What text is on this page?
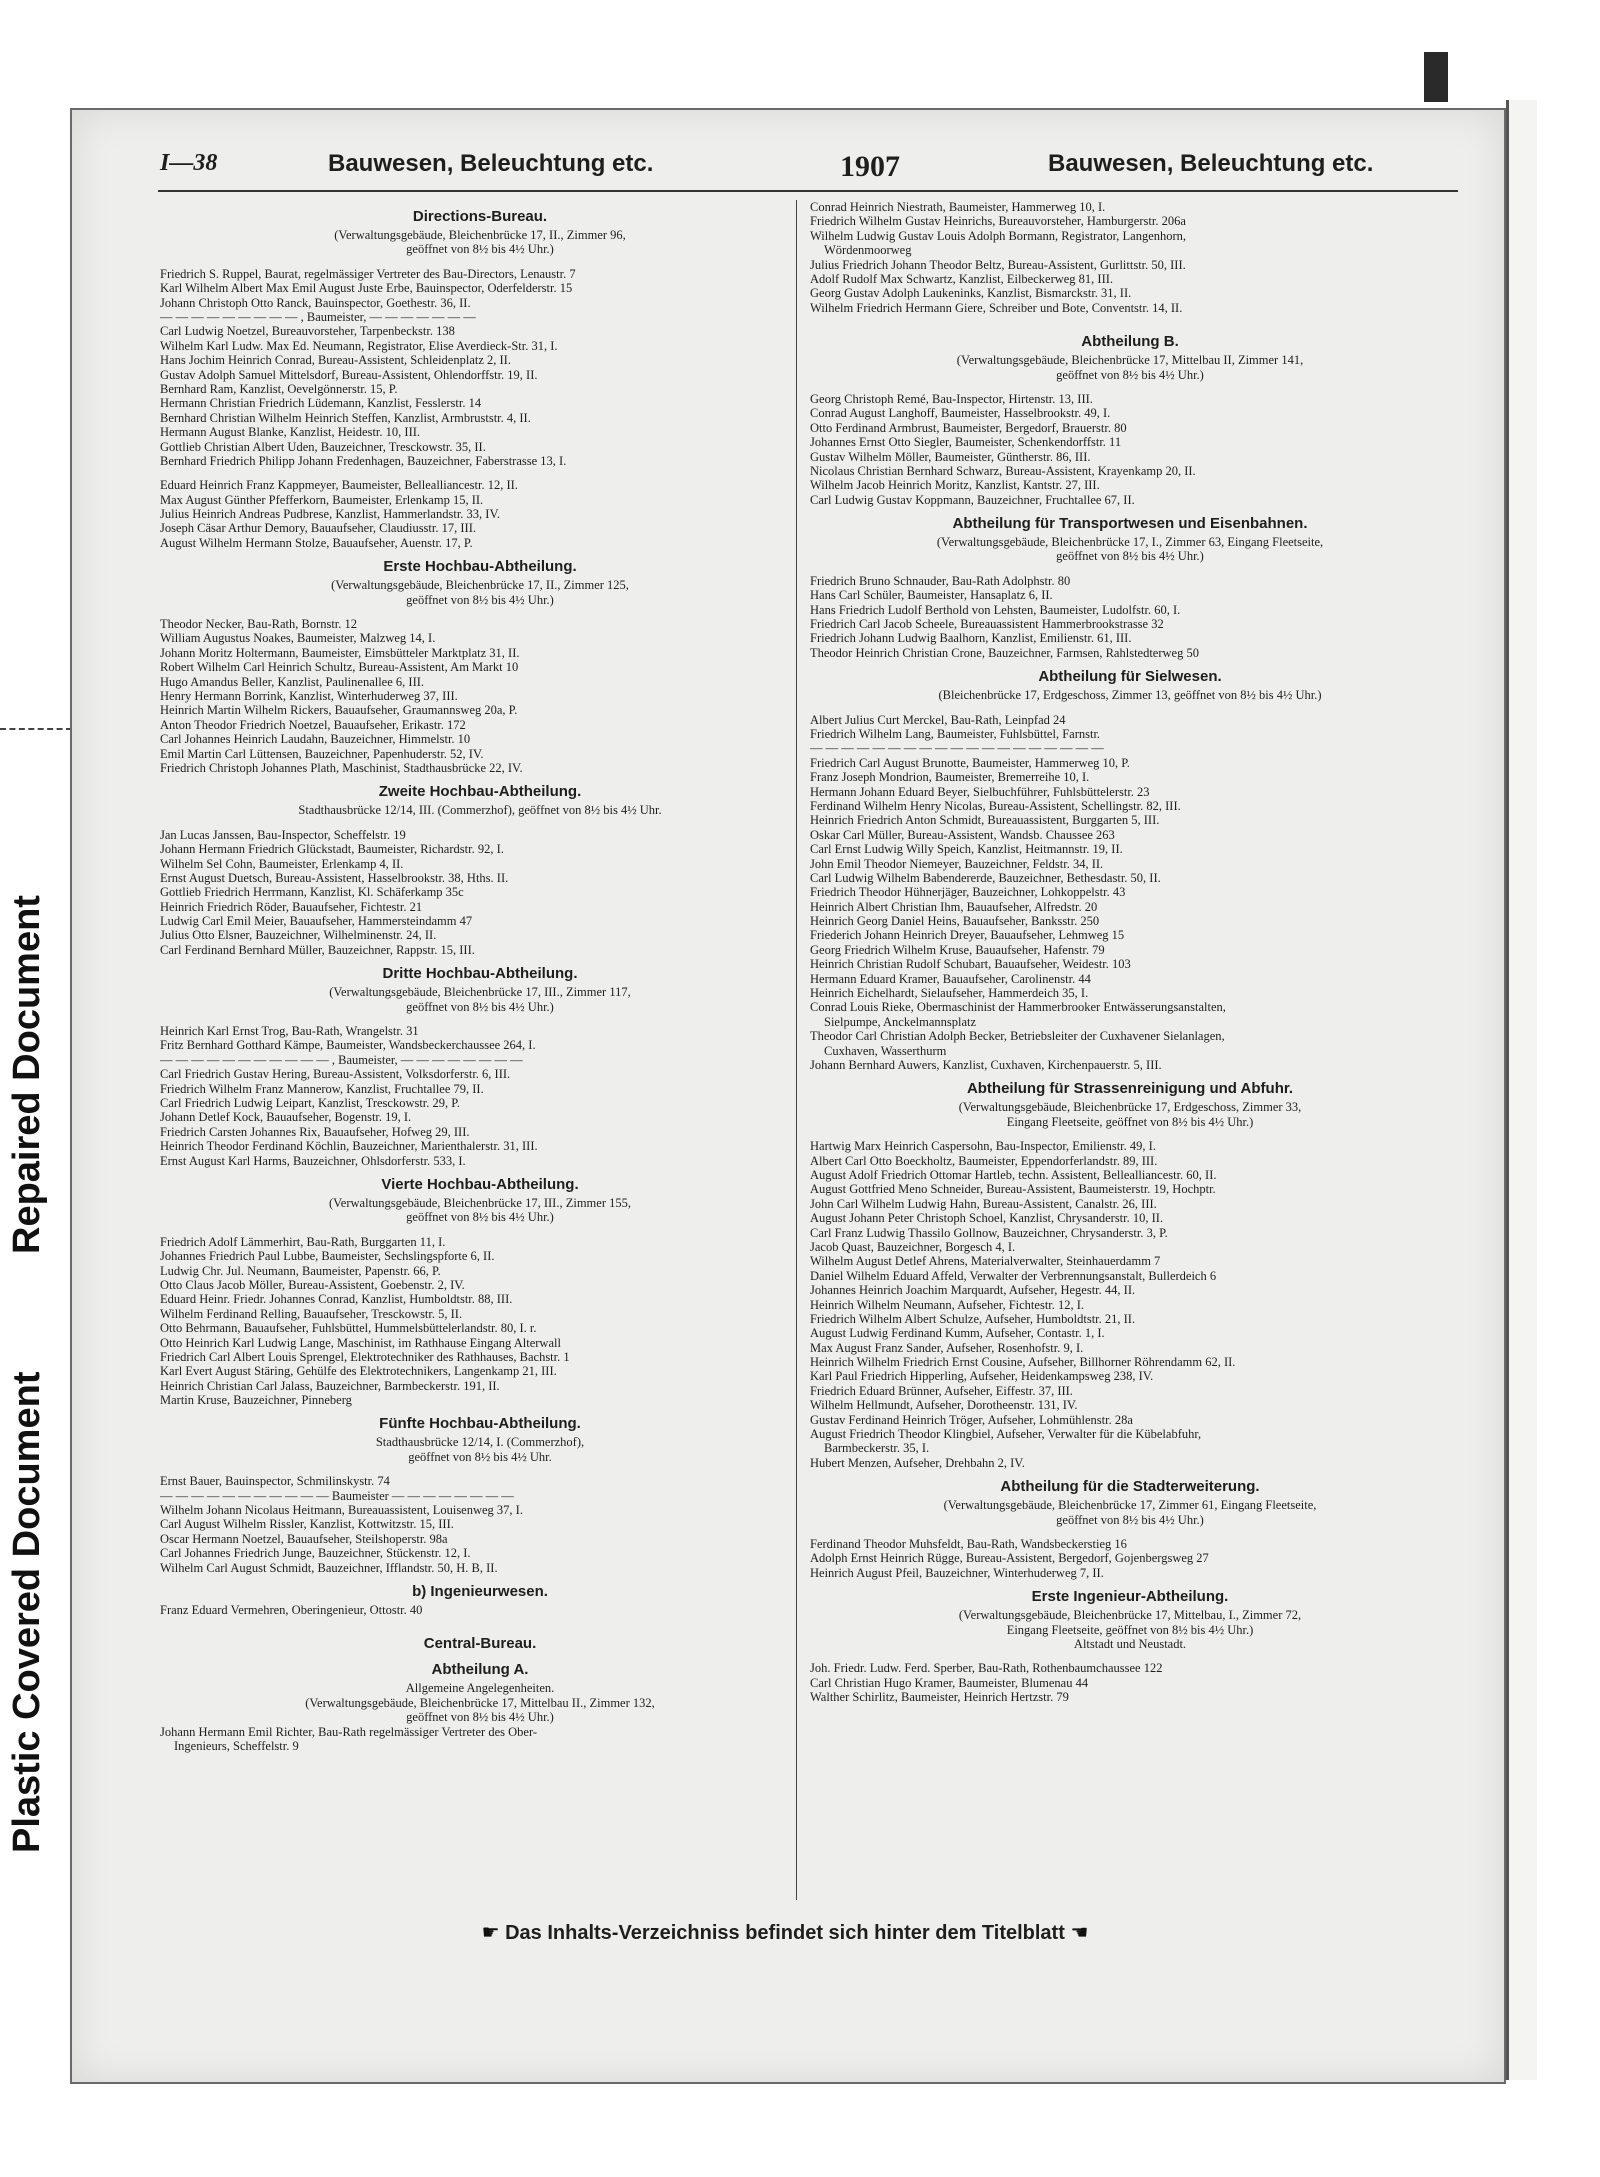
Repaired Document
Plastic Covered Document
I—38	Bauwesen, Beleuchtung etc.	1907	Bauwesen, Beleuchtung etc.
Directions-Bureau.
(Verwaltungsgebäude, Bleichenbrücke 17, II., Zimmer 96,
geöffnet von 8½ bis 4½ Uhr.)
Friedrich S. Ruppel, Baurat, regelmässiger Vertreter des Bau-Directors, Lenaustr. 7
Karl Wilhelm Albert Max Emil August Juste Erbe, Bauinspector, Oderfelderstr. 15
Johann Christoph Otto Ranck, Bauinspector, Goethestr. 36, II.
— — — — — — — — — , Baumeister, — — — — — — —
Carl Ludwig Noetzel, Bureauvorsteher, Tarpenbeckstr. 138
Wilhelm Karl Ludw. Max Ed. Neumann, Registrator, Elise Averdieck-Str. 31, I.
Hans Jochim Heinrich Conrad, Bureau-Assistent, Schleidenplatz 2, II.
Gustav Adolph Samuel Mittelsdorf, Bureau-Assistent, Ohlendorffstr. 19, II.
Bernhard Ram, Kanzlist, Oevelgönnerstr. 15, P.
Hermann Christian Friedrich Lüdemann, Kanzlist, Fesslerstr. 14
Bernhard Christian Wilhelm Heinrich Steffen, Kanzlist, Armbruststr. 4, II.
Hermann August Blanke, Kanzlist, Heidestr. 10, III.
Gottlieb Christian Albert Uden, Bauzeichner, Tresckowstr. 35, II.
Bernhard Friedrich Philipp Johann Fredenhagen, Bauzeichner, Faberstrasse 13, I.
Eduard Heinrich Franz Kappmeyer, Baumeister, Bellealliancestr. 12, II.
Max August Günther Pfefferkorn, Baumeister, Erlenkamp 15, II.
Julius Heinrich Andreas Pudbrese, Kanzlist, Hammerlandstr. 33, IV.
Joseph Cäsar Arthur Demory, Bauaufseher, Claudiusstr. 17, III.
August Wilhelm Hermann Stolze, Bauaufseher, Auenstr. 17, P.
Erste Hochbau-Abtheilung.
(Verwaltungsgebäude, Bleichenbrücke 17, II., Zimmer 125,
geöffnet von 8½ bis 4½ Uhr.)
Theodor Necker, Bau-Rath, Bornstr. 12
William Augustus Noakes, Baumeister, Malzweg 14, I.
Johann Moritz Holtermann, Baumeister, Eimsbütteler Marktplatz 31, II.
Robert Wilhelm Carl Heinrich Schultz, Bureau-Assistent, Am Markt 10
Hugo Amandus Beller, Kanzlist, Paulinenallee 6, III.
Henry Hermann Borrink, Kanzlist, Winterhuderweg 37, III.
Heinrich Martin Wilhelm Rickers, Bauaufseher, Graumannsweg 20a, P.
Anton Theodor Friedrich Noetzel, Bauaufseher, Erikastr. 172
Carl Johannes Heinrich Laudahn, Bauzeichner, Himmelstr. 10
Emil Martin Carl Lüttensen, Bauzeichner, Papenhuderstr. 52, IV.
Friedrich Christoph Johannes Plath, Maschinist, Stadthausbrücke 22, IV.
Zweite Hochbau-Abtheilung.
Stadthausbrücke 12/14, III. (Commerzhof), geöffnet von 8½ bis 4½ Uhr.
Jan Lucas Janssen, Bau-Inspector, Scheffelstr. 19
Johann Hermann Friedrich Glückstadt, Baumeister, Richardstr. 92, I.
Wilhelm Sel Cohn, Baumeister, Erlenkamp 4, II.
Ernst August Duetsch, Bureau-Assistent, Hasselbrookstr. 38, Hths. II.
Gottlieb Friedrich Herrmann, Kanzlist, Kl. Schäferkamp 35c
Heinrich Friedrich Röder, Bauaufseher, Fichtestr. 21
Ludwig Carl Emil Meier, Bauaufseher, Hammersteindamm 47
Julius Otto Elsner, Bauzeichner, Wilhelminenstr. 24, II.
Carl Ferdinand Bernhard Müller, Bauzeichner, Rappstr. 15, III.
Dritte Hochbau-Abtheilung.
(Verwaltungsgebäude, Bleichenbrücke 17, III., Zimmer 117,
geöffnet von 8½ bis 4½ Uhr.)
Heinrich Karl Ernst Trog, Bau-Rath, Wrangelstr. 31
Fritz Bernhard Gotthard Kämpe, Baumeister, Wandsbeckerchaussee 264, I.
— — — — — — — — — — — , Baumeister, — — — — — — — —
Carl Friedrich Gustav Hering, Bureau-Assistent, Volksdorferstr. 6, III.
Friedrich Wilhelm Franz Mannerow, Kanzlist, Fruchtallee 79, II.
Carl Friedrich Ludwig Leipart, Kanzlist, Tresckowstr. 29, P.
Johann Detlef Kock, Bauaufseher, Bogenstr. 19, I.
Friedrich Carsten Johannes Rix, Bauaufseher, Hofweg 29, III.
Heinrich Theodor Ferdinand Köchlin, Bauzeichner, Marienthalerstr. 31, III.
Ernst August Karl Harms, Bauzeichner, Ohlsdorferstr. 533, I.
Vierte Hochbau-Abtheilung.
(Verwaltungsgebäude, Bleichenbrücke 17, III., Zimmer 155,
geöffnet von 8½ bis 4½ Uhr.)
Friedrich Adolf Lämmerhirt, Bau-Rath, Burggarten 11, I.
Johannes Friedrich Paul Lubbe, Baumeister, Sechslingspforte 6, II.
Ludwig Chr. Jul. Neumann, Baumeister, Papenstr. 66, P.
Otto Claus Jacob Möller, Bureau-Assistent, Goebenstr. 2, IV.
Eduard Heinr. Friedr. Johannes Conrad, Kanzlist, Humboldtstr. 88, III.
Wilhelm Ferdinand Relling, Bauaufseher, Tresckowstr. 5, II.
Otto Behrmann, Bauaufseher, Fuhlsbüttel, Hummelsbüttelerlandstr. 80, I. r.
Otto Heinrich Karl Ludwig Lange, Maschinist, im Rathhause Eingang Alterwall
Friedrich Carl Albert Louis Sprengel, Elektrotechniker des Rathhauses, Bachstr. 1
Karl Evert August Stäring, Gehülfe des Elektrotechnikers, Langenkamp 21, III.
Heinrich Christian Carl Jalass, Bauzeichner, Barmbeckerstr. 191, II.
Martin Kruse, Bauzeichner, Pinneberg
Fünfte Hochbau-Abtheilung.
Stadthausbrücke 12/14, I. (Commerzhof),
geöffnet von 8½ bis 4½ Uhr.
Ernst Bauer, Bauinspector, Schmilinskystr. 74
— — — — — — — — — — — Baumeister — — — — — — — —
Wilhelm Johann Nicolaus Heitmann, Bureauassistent, Louisenweg 37, I.
Carl August Wilhelm Rissler, Kanzlist, Kottwitzstr. 15, III.
Oscar Hermann Noetzel, Bauaufseher, Steilshoperstr. 98a
Carl Johannes Friedrich Junge, Bauzeichner, Stückenstr. 12, I.
Wilhelm Carl August Schmidt, Bauzeichner, Ifflandstr. 50, H. B, II.
b) Ingenieurwesen.
Franz Eduard Vermehren, Oberingenieur, Ottostr. 40
Central-Bureau.
Abtheilung A.
Allgemeine Angelegenheiten.
(Verwaltungsgebäude, Bleichenbrücke 17, Mittelbau II., Zimmer 132,
geöffnet von 8½ bis 4½ Uhr.)
Johann Hermann Emil Richter, Bau-Rath regelmässiger Vertreter des Ober-
Ingenieurs, Scheffelstr. 9
Conrad Heinrich Niestrath, Baumeister, Hammerweg 10, I.
Friedrich Wilhelm Gustav Heinrichs, Bureauvorsteher, Hamburgerstr. 206a
Wilhelm Ludwig Gustav Louis Adolph Bormann, Registrator, Langenhorn,
Wördenmoorweg
Julius Friedrich Johann Theodor Beltz, Bureau-Assistent, Gurlittstr. 50, III.
Adolf Rudolf Max Schwartz, Kanzlist, Eilbeckerweg 81, III.
Georg Gustav Adolph Laukeninks, Kanzlist, Bismarckstr. 31, II.
Wilhelm Friedrich Hermann Giere, Schreiber und Bote, Conventstr. 14, II.
Abtheilung B.
(Verwaltungsgebäude, Bleichenbrücke 17, Mittelbau II, Zimmer 141,
geöffnet von 8½ bis 4½ Uhr.)
Georg Christoph Remé, Bau-Inspector, Hirtenstr. 13, III.
Conrad August Langhoff, Baumeister, Hasselbrookstr. 49, I.
Otto Ferdinand Armbrust, Baumeister, Bergedorf, Brauerstr. 80
Johannes Ernst Otto Siegler, Baumeister, Schenkendorffstr. 11
Gustav Wilhelm Möller, Baumeister, Güntherstr. 86, III.
Nicolaus Christian Bernhard Schwarz, Bureau-Assistent, Krayenkamp 20, II.
Wilhelm Jacob Heinrich Moritz, Kanzlist, Kantstr. 27, III.
Carl Ludwig Gustav Koppmann, Bauzeichner, Fruchtallee 67, II.
Abtheilung für Transportwesen und Eisenbahnen.
(Verwaltungsgebäude, Bleichenbrücke 17, I., Zimmer 63, Eingang Fleetseite,
geöffnet von 8½ bis 4½ Uhr.)
Friedrich Bruno Schnauder, Bau-Rath Adolphstr. 80
Hans Carl Schüler, Baumeister, Hansaplatz 6, II.
Hans Friedrich Ludolf Berthold von Lehsten, Baumeister, Ludolfstr. 60, I.
Friedrich Carl Jacob Scheele, Bureauassistent Hammerbrookstrasse 32
Friedrich Johann Ludwig Baalhorn, Kanzlist, Emilienstr. 61, III.
Theodor Heinrich Christian Crone, Bauzeichner, Farmsen, Rahlstedterweg 50
Abtheilung für Sielwesen.
(Bleichenbrücke 17, Erdgeschoss, Zimmer 13, geöffnet von 8½ bis 4½ Uhr.)
Albert Julius Curt Merckel, Bau-Rath, Leinpfad 24
Friedrich Wilhelm Lang, Baumeister, Fuhlsbüttel, Farnstr.
— — — — — — — — — — — — — — — — — — —
Friedrich Carl August Brunotte, Baumeister, Hammerweg 10, P.
Franz Joseph Mondrion, Baumeister, Bremerreihe 10, I.
Hermann Johann Eduard Beyer, Sielbuchführer, Fuhlsbüttelerstr. 23
Ferdinand Wilhelm Henry Nicolas, Bureau-Assistent, Schellingstr. 82, III.
Heinrich Friedrich Anton Schmidt, Bureauassistent, Burggarten 5, III.
Oskar Carl Müller, Bureau-Assistent, Wandsb. Chaussee 263
Carl Ernst Ludwig Willy Speich, Kanzlist, Heitmannstr. 19, II.
John Emil Theodor Niemeyer, Bauzeichner, Feldstr. 34, II.
Carl Ludwig Wilhelm Babendererde, Bauzeichner, Bethesdastr. 50, II.
Friedrich Theodor Hühnerjäger, Bauzeichner, Lohkoppelstr. 43
Heinrich Albert Christian Ihm, Bauaufseher, Alfredstr. 20
Heinrich Georg Daniel Heins, Bauaufseher, Banksstr. 250
Friederich Johann Heinrich Dreyer, Bauaufseher, Lehmweg 15
Georg Friedrich Wilhelm Kruse, Bauaufseher, Hafenstr. 79
Heinrich Christian Rudolf Schubart, Bauaufseher, Weidestr. 103
Hermann Eduard Kramer, Bauaufseher, Carolinenstr. 44
Heinrich Eichelhardt, Sielaufseher, Hammerdeich 35, I.
Conrad Louis Rieke, Obermaschinist der Hammerbrooker Entwässerungsanstalten,
Sielpumpe, Anckelmannsplatz
Theodor Carl Christian Adolph Becker, Betriebsleiter der Cuxhavener Sielanlagen,
Cuxhaven, Wasserthurm
Johann Bernhard Auwers, Kanzlist, Cuxhaven, Kirchenpauerstr. 5, III.
Abtheilung für Strassenreinigung und Abfuhr.
(Verwaltungsgebäude, Bleichenbrücke 17, Erdgeschoss, Zimmer 33,
Eingang Fleetseite, geöffnet von 8½ bis 4½ Uhr.)
Hartwig Marx Heinrich Caspersohn, Bau-Inspector, Emilienstr. 49, I.
Albert Carl Otto Boeckholtz, Baumeister, Eppendorferlandstr. 89, III.
August Adolf Friedrich Ottomar Hartleb, techn. Assistent, Bellealliancestr. 60, II.
August Gottfried Meno Schneider, Bureau-Assistent, Baumeisterstr. 19, Hochptr.
John Carl Wilhelm Ludwig Hahn, Bureau-Assistent, Canalstr. 26, III.
August Johann Peter Christoph Schoel, Kanzlist, Chrysanderstr. 10, II.
Carl Franz Ludwig Thassilo Gollnow, Bauzeichner, Chrysanderstr. 3, P.
Jacob Quast, Bauzeichner, Borgesch 4, I.
Wilhelm August Detlef Ahrens, Materialverwalter, Steinhauerdamm 7
Daniel Wilhelm Eduard Affeld, Verwalter der Verbrennungsanstalt, Bullerdeich 6
Johannes Heinrich Joachim Marquardt, Aufseher, Hegestr. 44, II.
Heinrich Wilhelm Neumann, Aufseher, Fichtestr. 12, I.
Friedrich Wilhelm Albert Schulze, Aufseher, Humboldtstr. 21, II.
August Ludwig Ferdinand Kumm, Aufseher, Contastr. 1, I.
Max August Franz Sander, Aufseher, Rosenhofstr. 9, I.
Heinrich Wilhelm Friedrich Ernst Cousine, Aufseher, Billhorner Röhrendamm 62, II.
Karl Paul Friedrich Hipperling, Aufseher, Heidenkampsweg 238, IV.
Friedrich Eduard Brünner, Aufseher, Eiffestr. 37, III.
Wilhelm Hellmundt, Aufseher, Dorotheenstr. 131, IV.
Gustav Ferdinand Heinrich Tröger, Aufseher, Lohmühlenstr. 28a
August Friedrich Theodor Klingbiel, Aufseher, Verwalter für die Kübelabfuhr,
Barmbeckerstr. 35, I.
Hubert Menzen, Aufseher, Drehbahn 2, IV.
Abtheilung für die Stadterweiterung.
(Verwaltungsgebäude, Bleichenbrücke 17, Zimmer 61, Eingang Fleetseite,
geöffnet von 8½ bis 4½ Uhr.)
Ferdinand Theodor Muhsfeldt, Bau-Rath, Wandsbeckerstieg 16
Adolph Ernst Heinrich Rügge, Bureau-Assistent, Bergedorf, Gojenbergsweg 27
Heinrich August Pfeil, Bauzeichner, Winterhuderweg 7, II.
Erste Ingenieur-Abtheilung.
(Verwaltungsgebäude, Bleichenbrücke 17, Mittelbau, I., Zimmer 72,
Eingang Fleetseite, geöffnet von 8½ bis 4½ Uhr.)
Altstadt und Neustadt.
Joh. Friedr. Ludw. Ferd. Sperber, Bau-Rath, Rothenbaumchaussee 122
Carl Christian Hugo Kramer, Baumeister, Blumenau 44
Walther Schirlitz, Baumeister, Heinrich Hertzstr. 79
☛ Das Inhalts-Verzeichniss befindet sich hinter dem Titelblatt ☚
